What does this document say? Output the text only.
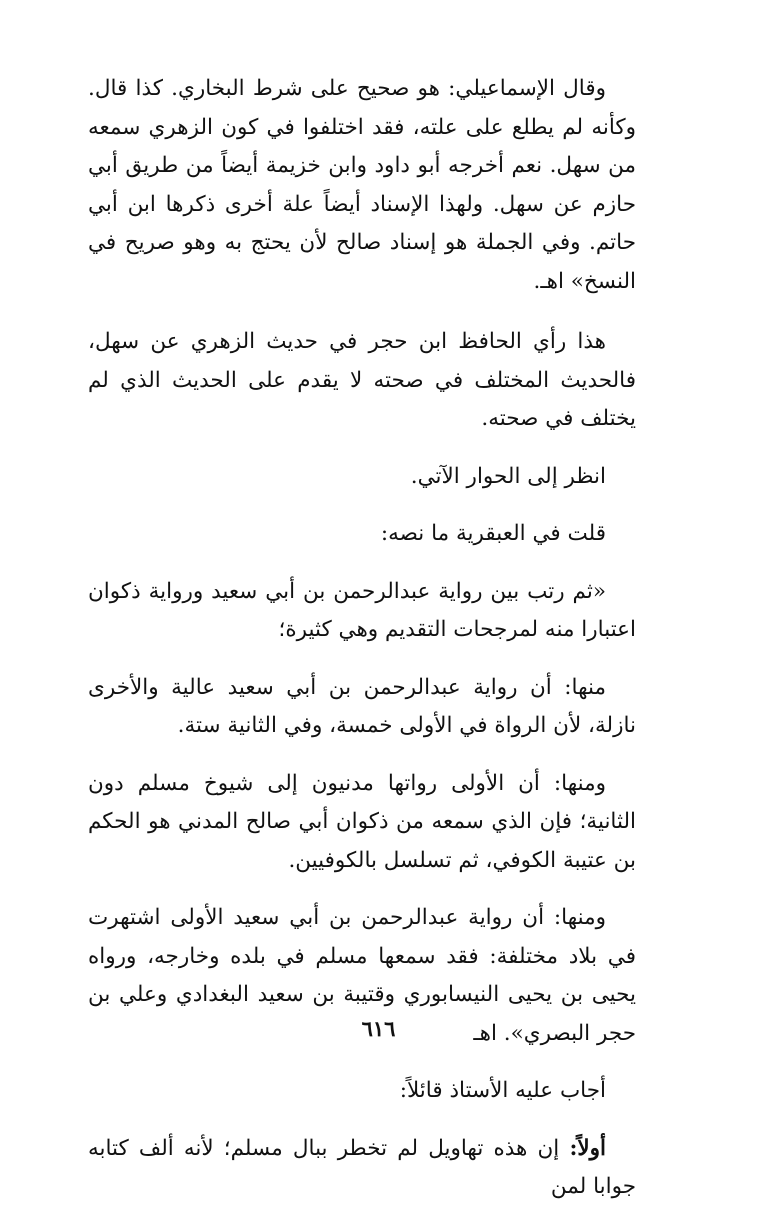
وقال الإسماعيلي: هو صحيح على شرط البخاري. كذا قال. وكأنه لم يطلع على علته، فقد اختلفوا في كون الزهري سمعه من سهل. نعم أخرجه أبو داود وابن خزيمة أيضاً من طريق أبي حازم عن سهل. ولهذا الإسناد أيضاً علة أخرى ذكرها ابن أبي حاتم. وفي الجملة هو إسناد صالح لأن يحتج به وهو صريح في النسخ» اهـ.

هذا رأي الحافظ ابن حجر في حديث الزهري عن سهل، فالحديث المختلف في صحته لا يقدم على الحديث الذي لم يختلف في صحته.

انظر إلى الحوار الآتي.

قلت في العبقرية ما نصه:

«ثم رتب بين رواية عبدالرحمن بن أبي سعيد ورواية ذكوان اعتبارا منه لمرجحات التقديم وهي كثيرة؛

منها: أن رواية عبدالرحمن بن أبي سعيد عالية والأخرى نازلة، لأن الرواة في الأولى خمسة، وفي الثانية ستة.

ومنها: أن الأولى رواتها مدنيون إلى شيوخ مسلم دون الثانية؛ فإن الذي سمعه من ذكوان أبي صالح المدني هو الحكم بن عتيبة الكوفي، ثم تسلسل بالكوفيين.

ومنها: أن رواية عبدالرحمن بن أبي سعيد الأولى اشتهرت في بلاد مختلفة: فقد سمعها مسلم في بلده وخارجه، ورواه يحيى بن يحيى النيسابوري وقتيبة بن سعيد البغدادي وعلي بن حجر البصري». اهـ

أجاب عليه الأستاذ قائلاً:

أولاً: إن هذه تهاويل لم تخطر ببال مسلم؛ لأنه ألف كتابه جوابا لمن

٦١٦
